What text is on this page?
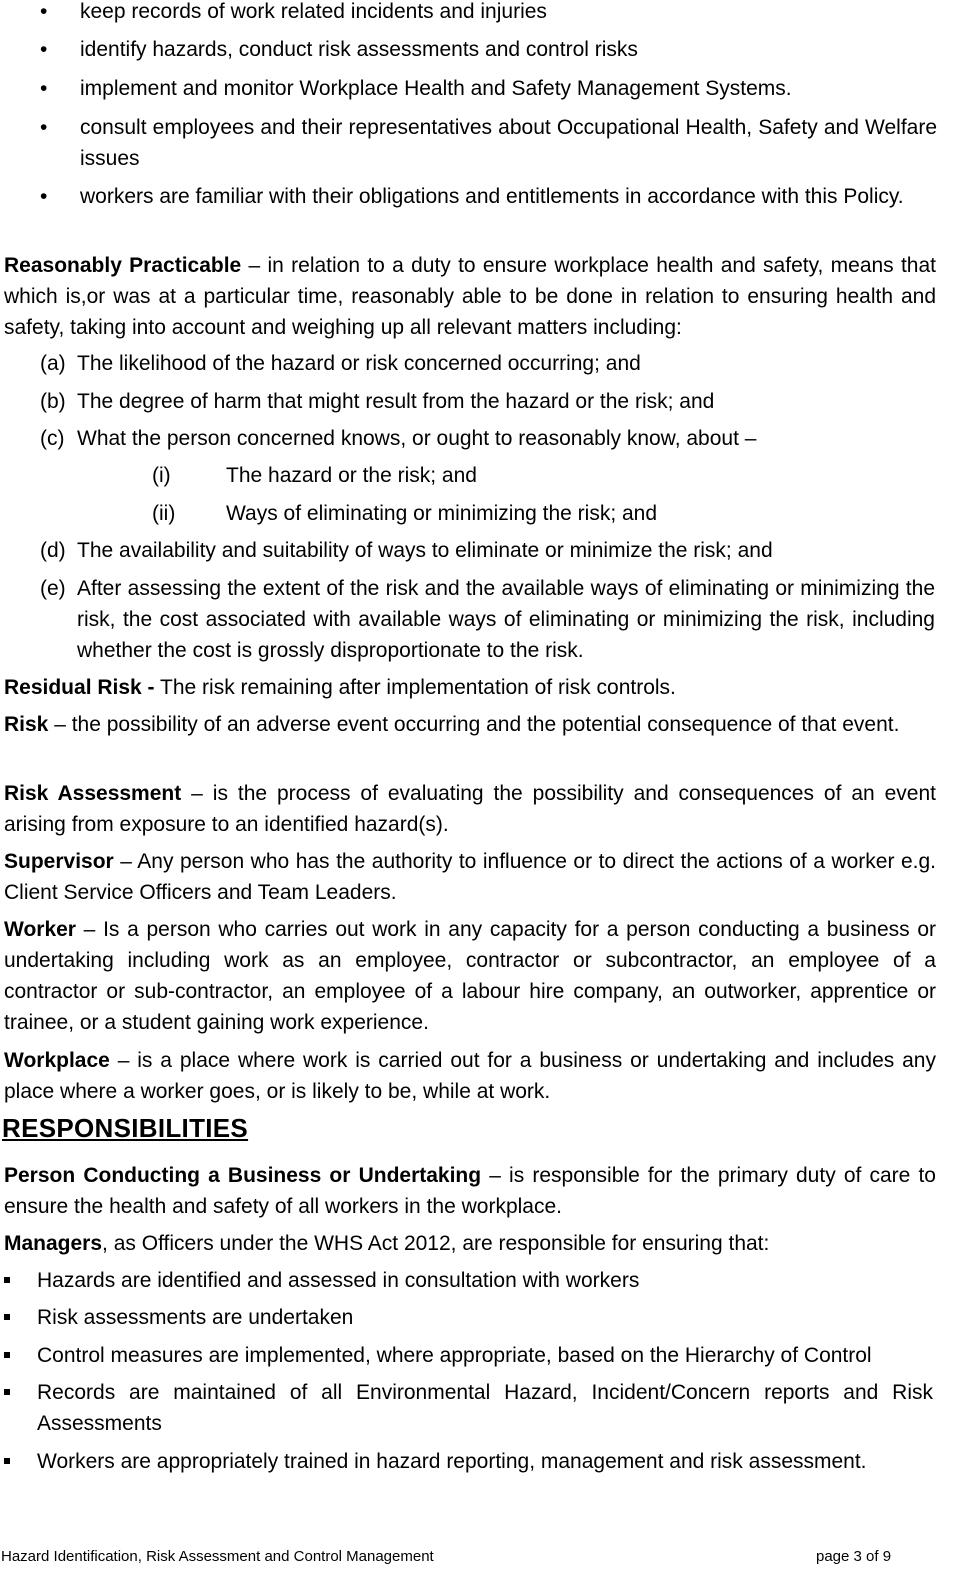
• keep records of work related incidents and injuries
• identify hazards, conduct risk assessments and control risks
• implement and monitor Workplace Health and Safety Management Systems.
• consult employees and their representatives about Occupational Health, Safety and Welfare issues
• workers are familiar with their obligations and entitlements in accordance with this Policy.
Reasonably Practicable – in relation to a duty to ensure workplace health and safety, means that which is,or was at a particular time, reasonably able to be done in relation to ensuring health and safety, taking into account and weighing up all relevant matters including:
(a) The likelihood of the hazard or risk concerned occurring; and
(b) The degree of harm that might result from the hazard or the risk; and
(c) What the person concerned knows, or ought to reasonably know, about –
(i)	The hazard or the risk; and
(ii) Ways of eliminating or minimizing the risk; and
(d) The availability and suitability of ways to eliminate or minimize the risk; and
(e) After assessing the extent of the risk and the available ways of eliminating or minimizing the risk, the cost associated with available ways of eliminating or minimizing the risk, including whether the cost is grossly disproportionate to the risk.
Residual Risk - The risk remaining after implementation of risk controls.
Risk – the possibility of an adverse event occurring and the potential consequence of that event.
Risk Assessment – is the process of evaluating the possibility and consequences of an event arising from exposure to an identified hazard(s).
Supervisor – Any person who has the authority to influence or to direct the actions of a worker e.g. Client Service Officers and Team Leaders.
Worker – Is a person who carries out work in any capacity for a person conducting a business or undertaking including work as an employee, contractor or subcontractor, an employee of a contractor or sub-contractor, an employee of a labour hire company, an outworker, apprentice or trainee, or a student gaining work experience.
Workplace – is a place where work is carried out for a business or undertaking and includes any place where a worker goes, or is likely to be, while at work.
RESPONSIBILITIES
Person Conducting a Business or Undertaking – is responsible for the primary duty of care to ensure the health and safety of all workers in the workplace.
Managers, as Officers under the WHS Act 2012, are responsible for ensuring that:
Hazards are identified and assessed in consultation with workers
Risk assessments are undertaken
Control measures are implemented, where appropriate, based on the Hierarchy of Control
Records are maintained of all Environmental Hazard, Incident/Concern reports and Risk Assessments
Workers are appropriately trained in hazard reporting, management and risk assessment.
Hazard Identification, Risk Assessment and Control Management	page 3 of 9
